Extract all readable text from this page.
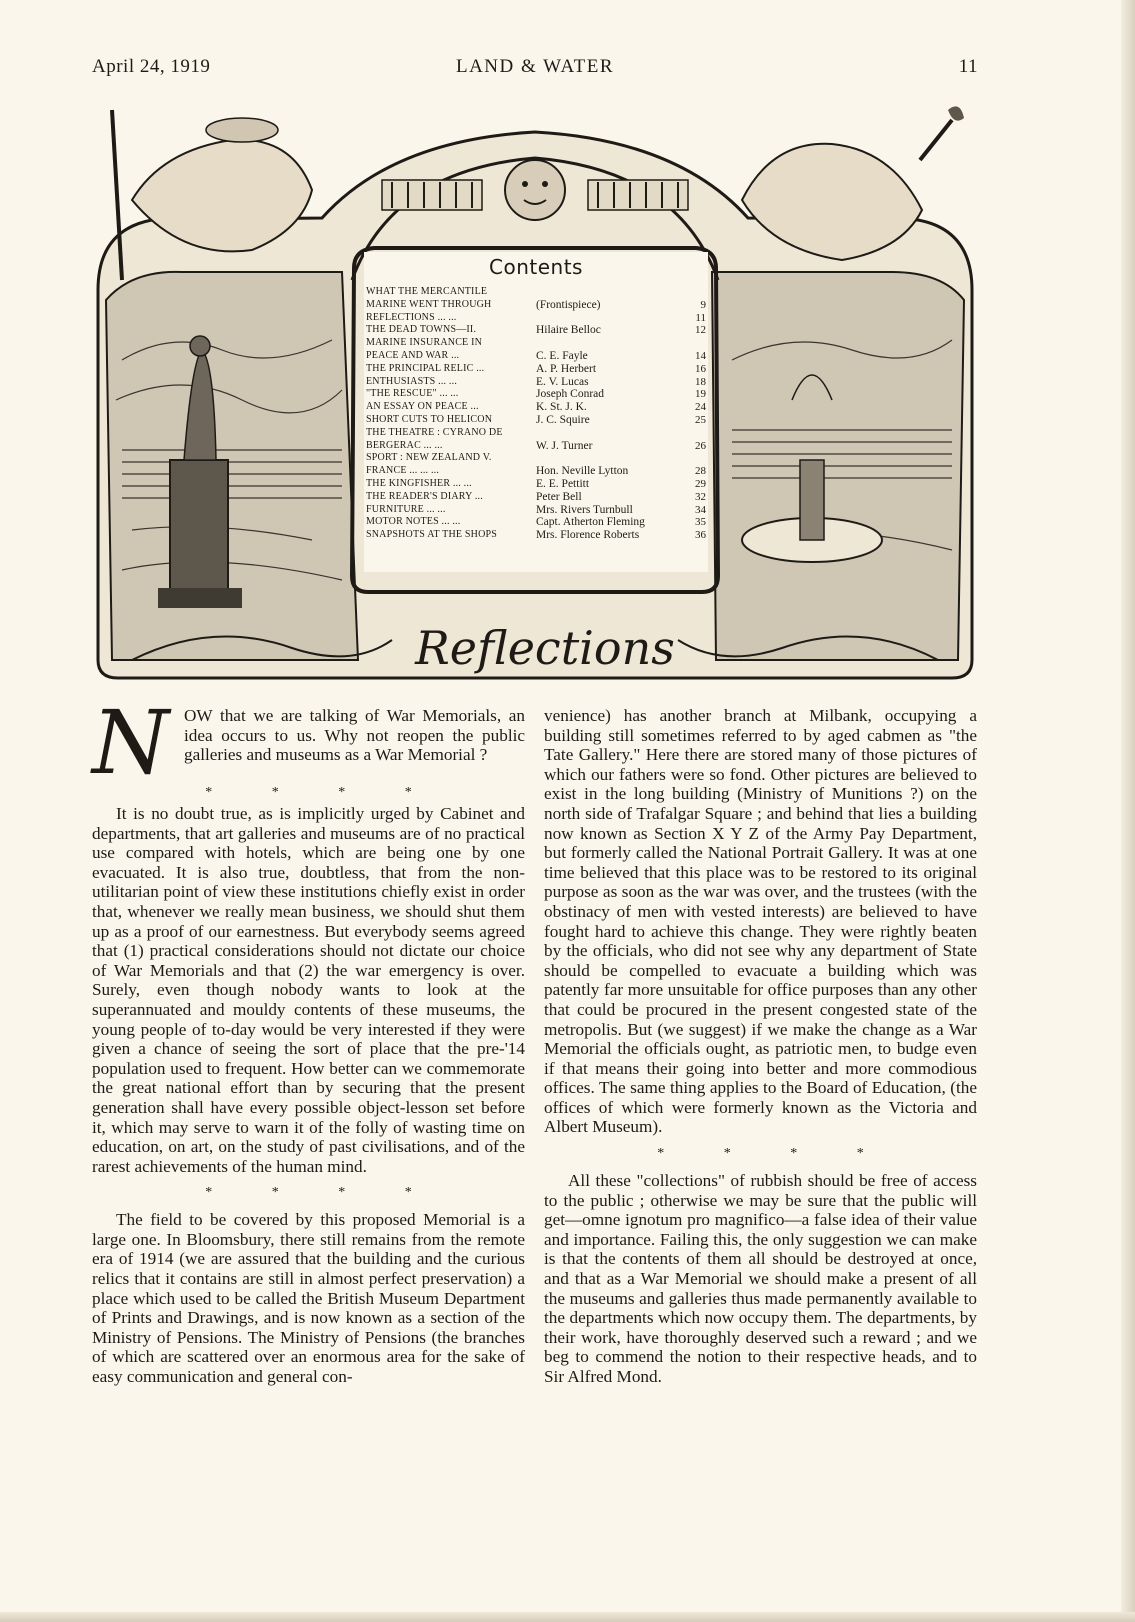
April 24, 1919	LAND & WATER	11
Contents
WHAT THE MERCANTILE
MARINE WENT THROUGH	(Frontispiece)	9
REFLECTIONS ... ...	11
THE DEAD TOWNS—II.	Hilaire Belloc	12
MARINE INSURANCE IN
PEACE AND WAR ...	C. E. Fayle	14
THE PRINCIPAL RELIC ...	A. P. Herbert	16
ENTHUSIASTS ... ...	E. V. Lucas	18
"THE RESCUE" ... ...	Joseph Conrad	19
AN ESSAY ON PEACE ...	K. St. J. K.	24
SHORT CUTS TO HELICON	J. C. Squire	25
THE THEATRE : CYRANO DE
BERGERAC ... ...	W. J. Turner	26
SPORT : NEW ZEALAND V.
FRANCE ... ... ...	Hon. Neville Lytton	28
THE KINGFISHER ... ...	E. E. Pettitt	29
THE READER'S DIARY ...	Peter Bell	32
FURNITURE ... ...	Mrs. Rivers Turnbull	34
MOTOR NOTES ... ...	Capt. Atherton Fleming	35
SNAPSHOTS AT THE SHOPS	Mrs. Florence Roberts	36
Reflections
N OW that we are talking of War Memorials, an idea occurs to us. Why not reopen the public galleries and museums as a War Memorial ?

* * * *

It is no doubt true, as is implicitly urged by Cabinet and departments, that art galleries and museums are of no practical use compared with hotels, which are being one by one evacuated. It is also true, doubtless, that from the non-utilitarian point of view these institutions chiefly exist in order that, whenever we really mean business, we should shut them up as a proof of our earnestness. But everybody seems agreed that (1) practical considerations should not dictate our choice of War Memorials and that (2) the war emergency is over. Surely, even though nobody wants to look at the superannuated and mouldy contents of these museums, the young people of to-day would be very interested if they were given a chance of seeing the sort of place that the pre-'14 population used to frequent. How better can we commemorate the great national effort than by securing that the present generation shall have every possible object-lesson set before it, which may serve to warn it of the folly of wasting time on education, on art, on the study of past civilisations, and of the rarest achievements of the human mind.

* * * *

The field to be covered by this proposed Memorial is a large one. In Bloomsbury, there still remains from the remote era of 1914 (we are assured that the building and the curious relics that it contains are still in almost perfect preservation) a place which used to be called the British Museum Department of Prints and Drawings, and is now known as a section of the Ministry of Pensions. The Ministry of Pensions (the branches of which are scattered over an enormous area for the sake of easy communication and general con-

venience) has another branch at Milbank, occupying a building still sometimes referred to by aged cabmen as "the Tate Gallery." Here there are stored many of those pictures of which our fathers were so fond. Other pictures are believed to exist in the long building (Ministry of Munitions ?) on the north side of Trafalgar Square ; and behind that lies a building now known as Section X Y Z of the Army Pay Department, but formerly called the National Portrait Gallery. It was at one time believed that this place was to be restored to its original purpose as soon as the war was over, and the trustees (with the obstinacy of men with vested interests) are believed to have fought hard to achieve this change. They were rightly beaten by the officials, who did not see why any department of State should be compelled to evacuate a building which was patently far more unsuitable for office purposes than any other that could be procured in the present congested state of the metropolis. But (we suggest) if we make the change as a War Memorial the officials ought, as patriotic men, to budge even if that means their going into better and more commodious offices. The same thing applies to the Board of Education, (the offices of which were formerly known as the Victoria and Albert Museum).

* * * *

All these "collections" of rubbish should be free of access to the public ; otherwise we may be sure that the public will get—omne ignotum pro magnifico—a false idea of their value and importance. Failing this, the only suggestion we can make is that the contents of them all should be destroyed at once, and that as a War Memorial we should make a present of all the museums and galleries thus made permanently available to the departments which now occupy them. The departments, by their work, have thoroughly deserved such a reward ; and we beg to commend the notion to their respective heads, and to Sir Alfred Mond.
